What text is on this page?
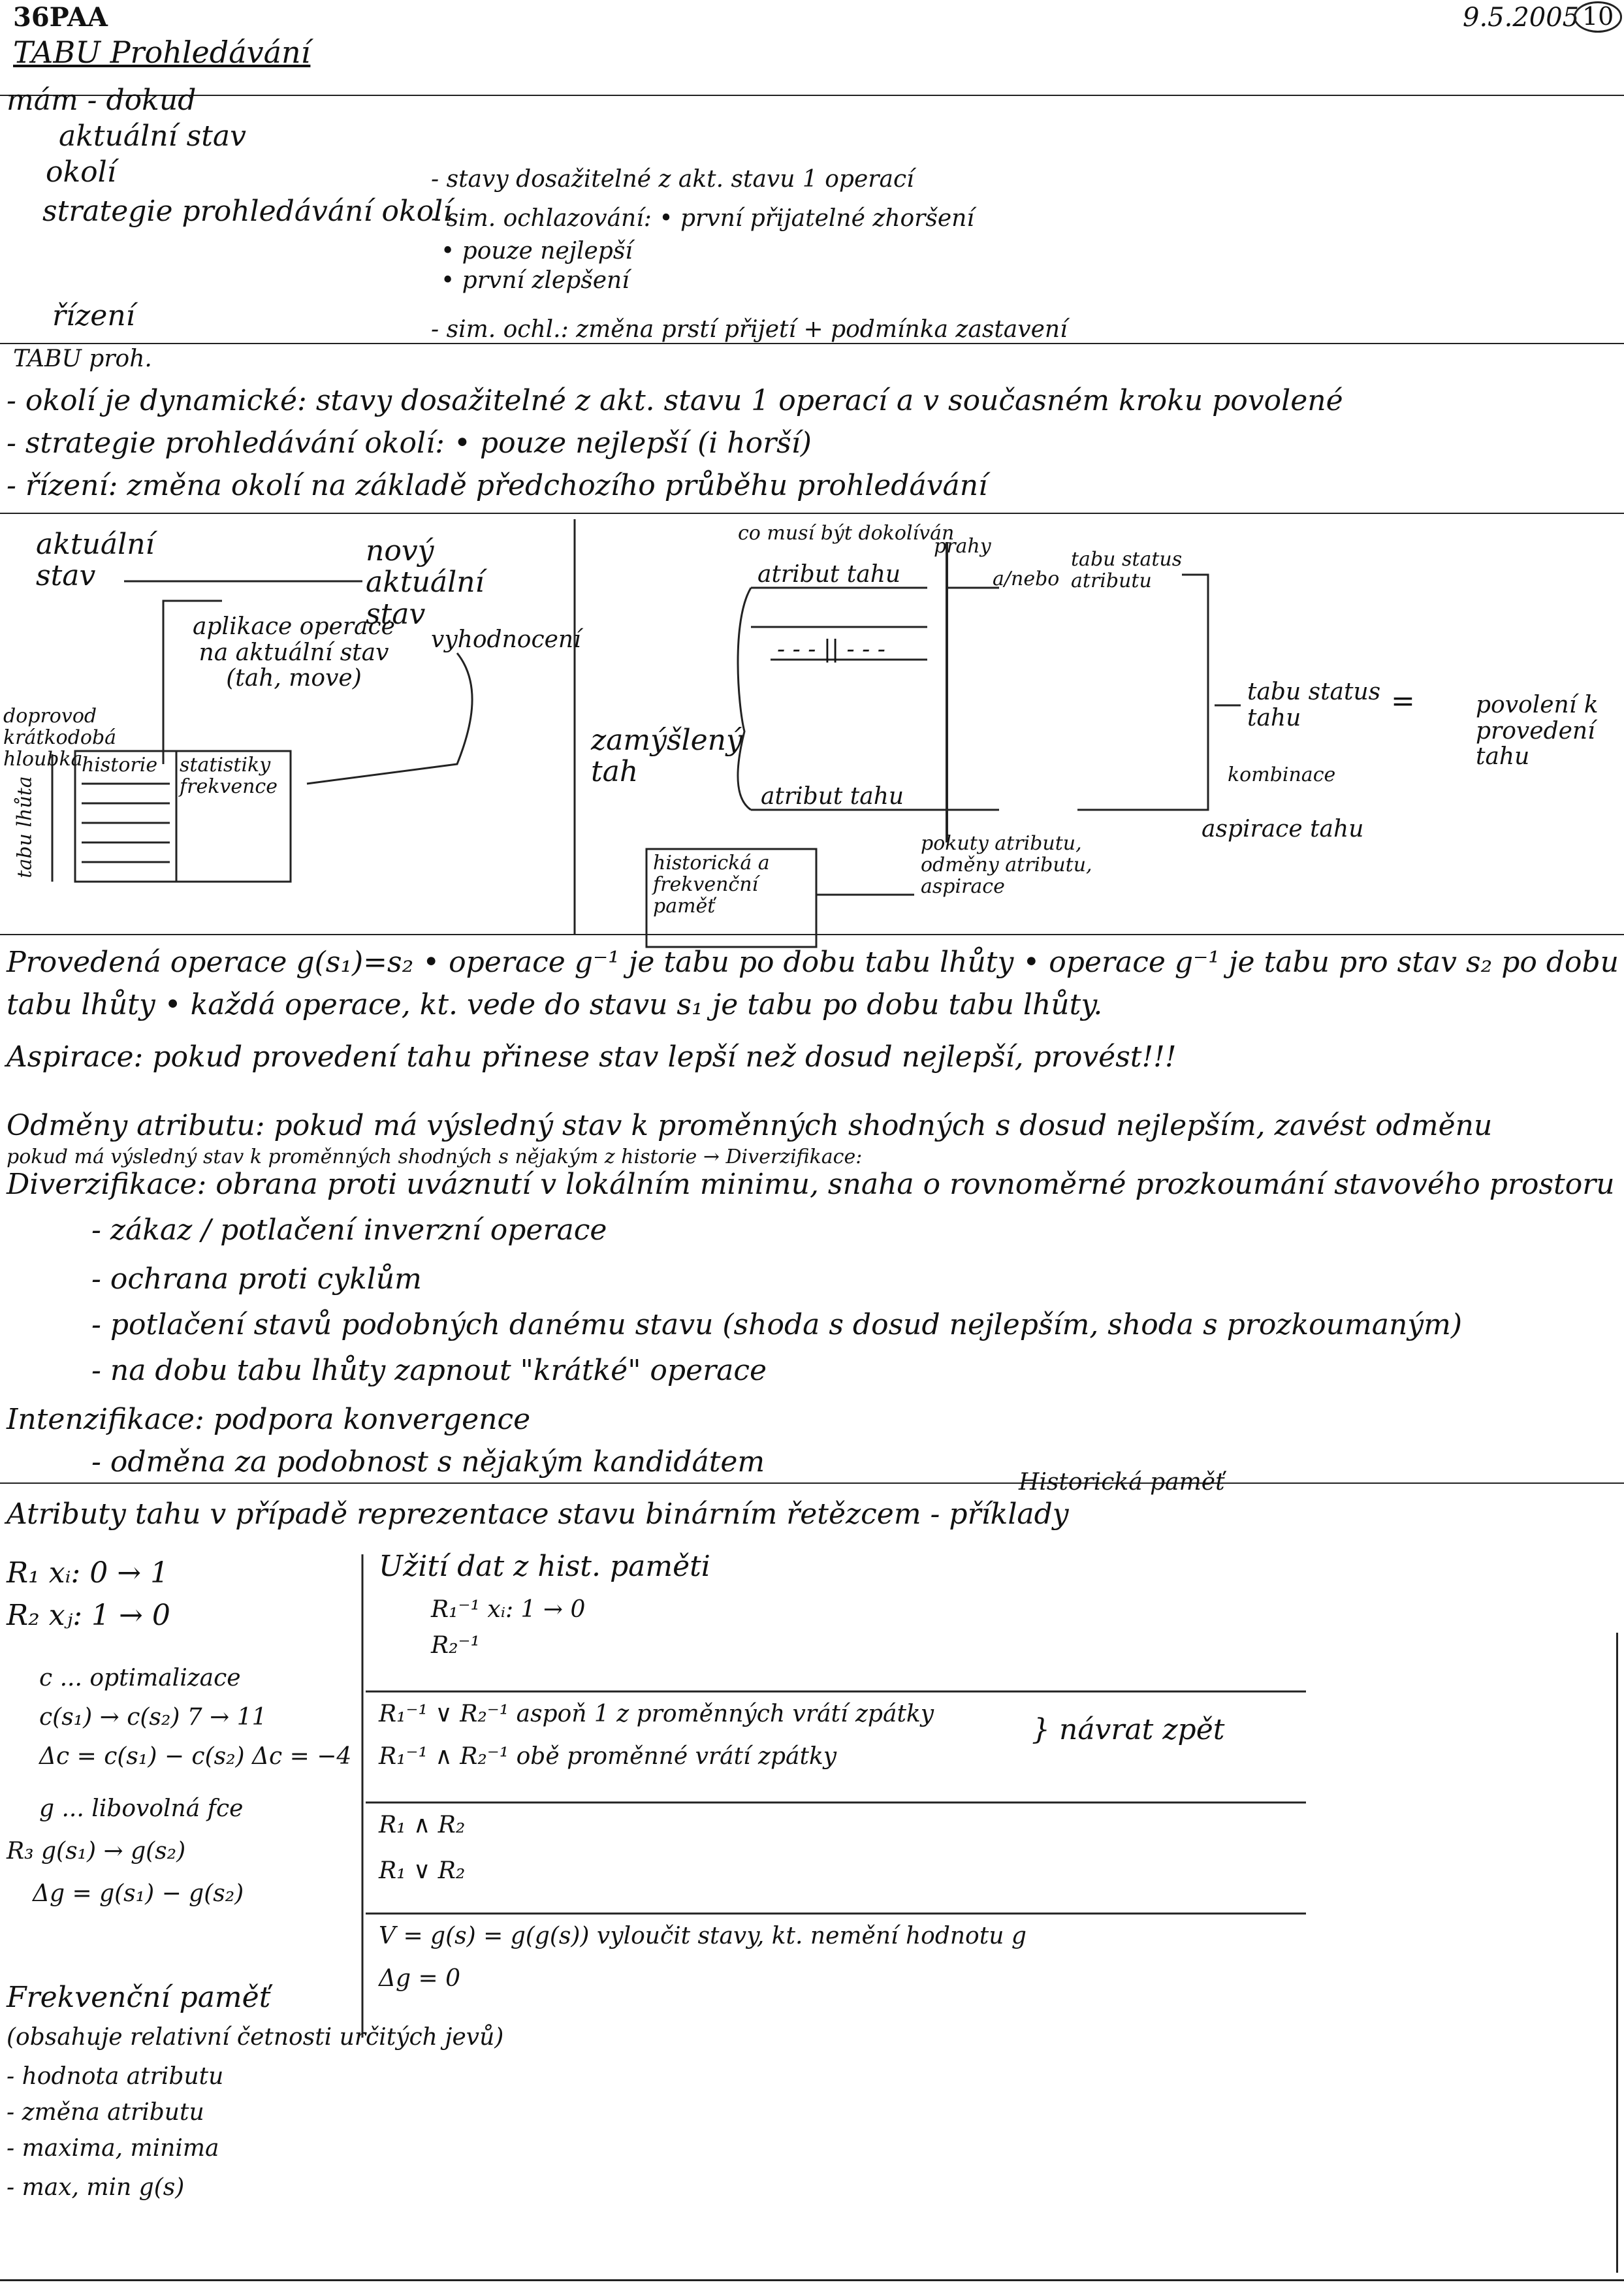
36PAA
TABU Prohledávání
9.5.2005 10
mám - dokud
aktuální stav
okolí
strategie prohledávání okolí
řízení
- stavy dosažitelné z akt. stavu 1 operací
- sim. ochlazování: • první přijatelné zhoršení
• pouze nejlepší
• první zlepšení
- sim. ochl.: změna prstí přijetí + podmínka zastavení
TABU proh.
- okolí je dynamické: stavy dosažitelné z akt. stavu 1 operací a v současném kroku povolené
- strategie prohledávání okolí: • pouze nejlepší (i horší)
- řízení: změna okolí na základě předchozího průběhu prohledávání
aktuální stav
nový aktuální stav
aplikace operace na aktuální stav (tah, move)
vyhodnocení
historie statistiky frekvence
doprovod krátkodobá hloubka
tabu lhůta
co musí být dokolíván
prahy
atribut tahu
- - - || - - -
a/nebo
tabu status atributu
tabu status tahu
=	povolení k provedení tahu
kombinace
aspirace tahu
zamýšlený tah
atribut tahu
historická a frekvenční paměť
pokuty atributu, odměny atributu, aspirace
Provedená operace g(s₁)=s₂ • operace g⁻¹ je tabu po dobu tabu lhůty • operace g⁻¹ je tabu pro stav s₂ po dobu
tabu lhůty • každá operace, kt. vede do stavu s₁ je tabu po dobu tabu lhůty.
Aspirace: pokud provedení tahu přinese stav lepší než dosud nejlepší, provést!!!
Odměny atributu: pokud má výsledný stav k proměnných shodných s dosud nejlepším, zavést odměnu
pokud má výsledný stav k proměnných shodných s nějakým z historie → Diverzifikace:
Diverzifikace: obrana proti uváznutí v lokálním minimu, snaha o rovnoměrné prozkoumání stavového prostoru
- zákaz / potlačení inverzní operace
- ochrana proti cyklům
- potlačení stavů podobných danému stavu (shoda s dosud nejlepším, shoda s prozkoumaným)
- na dobu tabu lhůty zapnout "krátké" operace
Intenzifikace: podpora konvergence
- odměna za podobnost s nějakým kandidátem
Atributy tahu v případě reprezentace stavu binárním řetězcem - příklady
Historická paměť
R₁ xᵢ: 0 → 1
R₂ xⱼ: 1 → 0
c ... optimalizace
c(s₁) → c(s₂) 7 → 11
Δc = c(s₁) − c(s₂) Δc = −4
g ... libovolná fce
R₃ g(s₁) → g(s₂)
Δg = g(s₁) − g(s₂)
Užití dat z hist. paměti
R₁⁻¹ xᵢ: 1 → 0
R₂⁻¹
R₁⁻¹ ∨ R₂⁻¹ aspoň 1 z proměnných vrátí zpátky
R₁⁻¹ ∧ R₂⁻¹ obě proměnné vrátí zpátky
} návrat zpět
R₁ ∧ R₂
R₁ ∨ R₂
V = g(s) = g(g(s)) vyloučit stavy, kt. nemění hodnotu g
Δg = 0
Frekvenční paměť
(obsahuje relativní četnosti určitých jevů)
- hodnota atributu
- změna atributu
- maxima, minima
- max, min g(s)
